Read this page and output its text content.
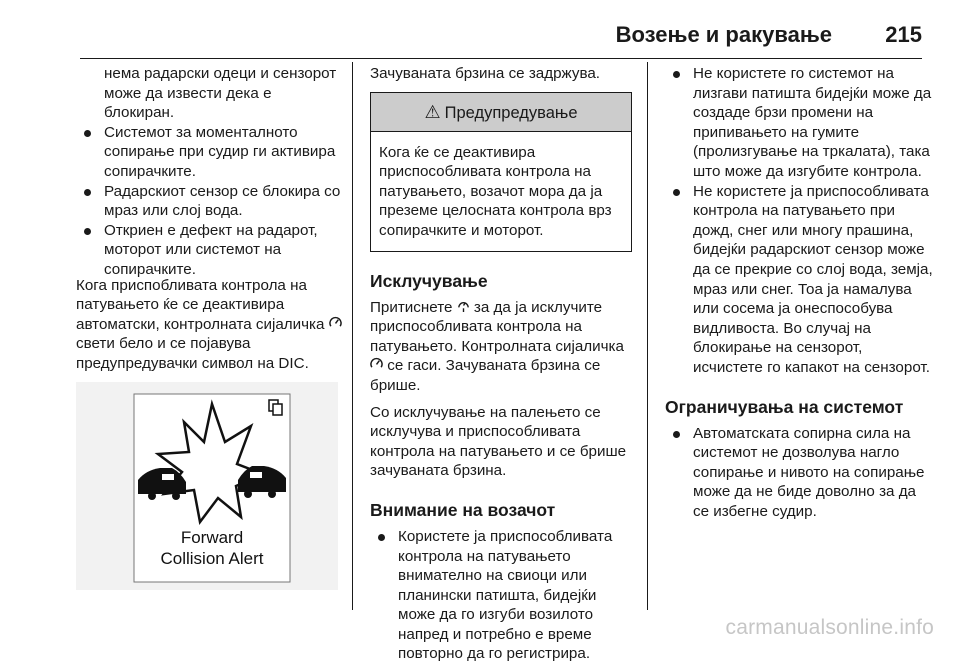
Возење и ракување 215

нема радарски одеци и сензорот може да извести дека е блокиран.

Системот за моменталното сопирање при судир ги активира сопирачките.

Радарскиот сензор се блокира со мраз или слој вода.

Откриен е дефект на радарот, моторот или системот на сопирачките.

Кога приспобливата контрола на патувањето ќе се деактивира автоматски, контролната сијаличка  свети бело и се појавува предупредувачки символ на DIC.

Forward
Collision Alert

Зачуваната брзина се задржува.

⚠ Предупредување
Кога ќе се деактивира приспособливата контрола на патувањето, возачот мора да ја преземе целосната контрола врз сопирачките и моторот.
Исклучување

Притиснете за да ја исклучите приспособливата контрола на патувањето. Контролната сијаличка  се гаси. Зачуваната брзина се брише.

Со исклучување на палењето се исклучува и приспособливата контрола на патувањето и се брише зачуваната брзина.

Внимание на возачот

Користете ја приспособливата контрола на патувањето внимателно на свиоци или планински патишта, бидејќи може да го изгуби возилото напред и потребно е време повторно да го регистрира.

Не користете го системот на лизгави патишта бидејќи може да создаде брзи промени на припивањето на гумите (пролизгување на тркалата), така што може да изгубите контрола.

Не користете ја приспособливата контрола на патувањето при дожд, снег или многу прашина, бидејќи радарскиот сензор може да се прекрие со слој вода, земја, мраз или снег. Тоа ја намалува или сосема ја онеспособува видливоста. Во случај на блокирање на сензорот, исчистете го капакот на сензорот.

Ограничувања на системот

Автоматската сопирна сила на системот не дозволува нагло сопирање и нивото на сопирање може да не биде доволно за да се избегне судир.

carmanualsonline.info
